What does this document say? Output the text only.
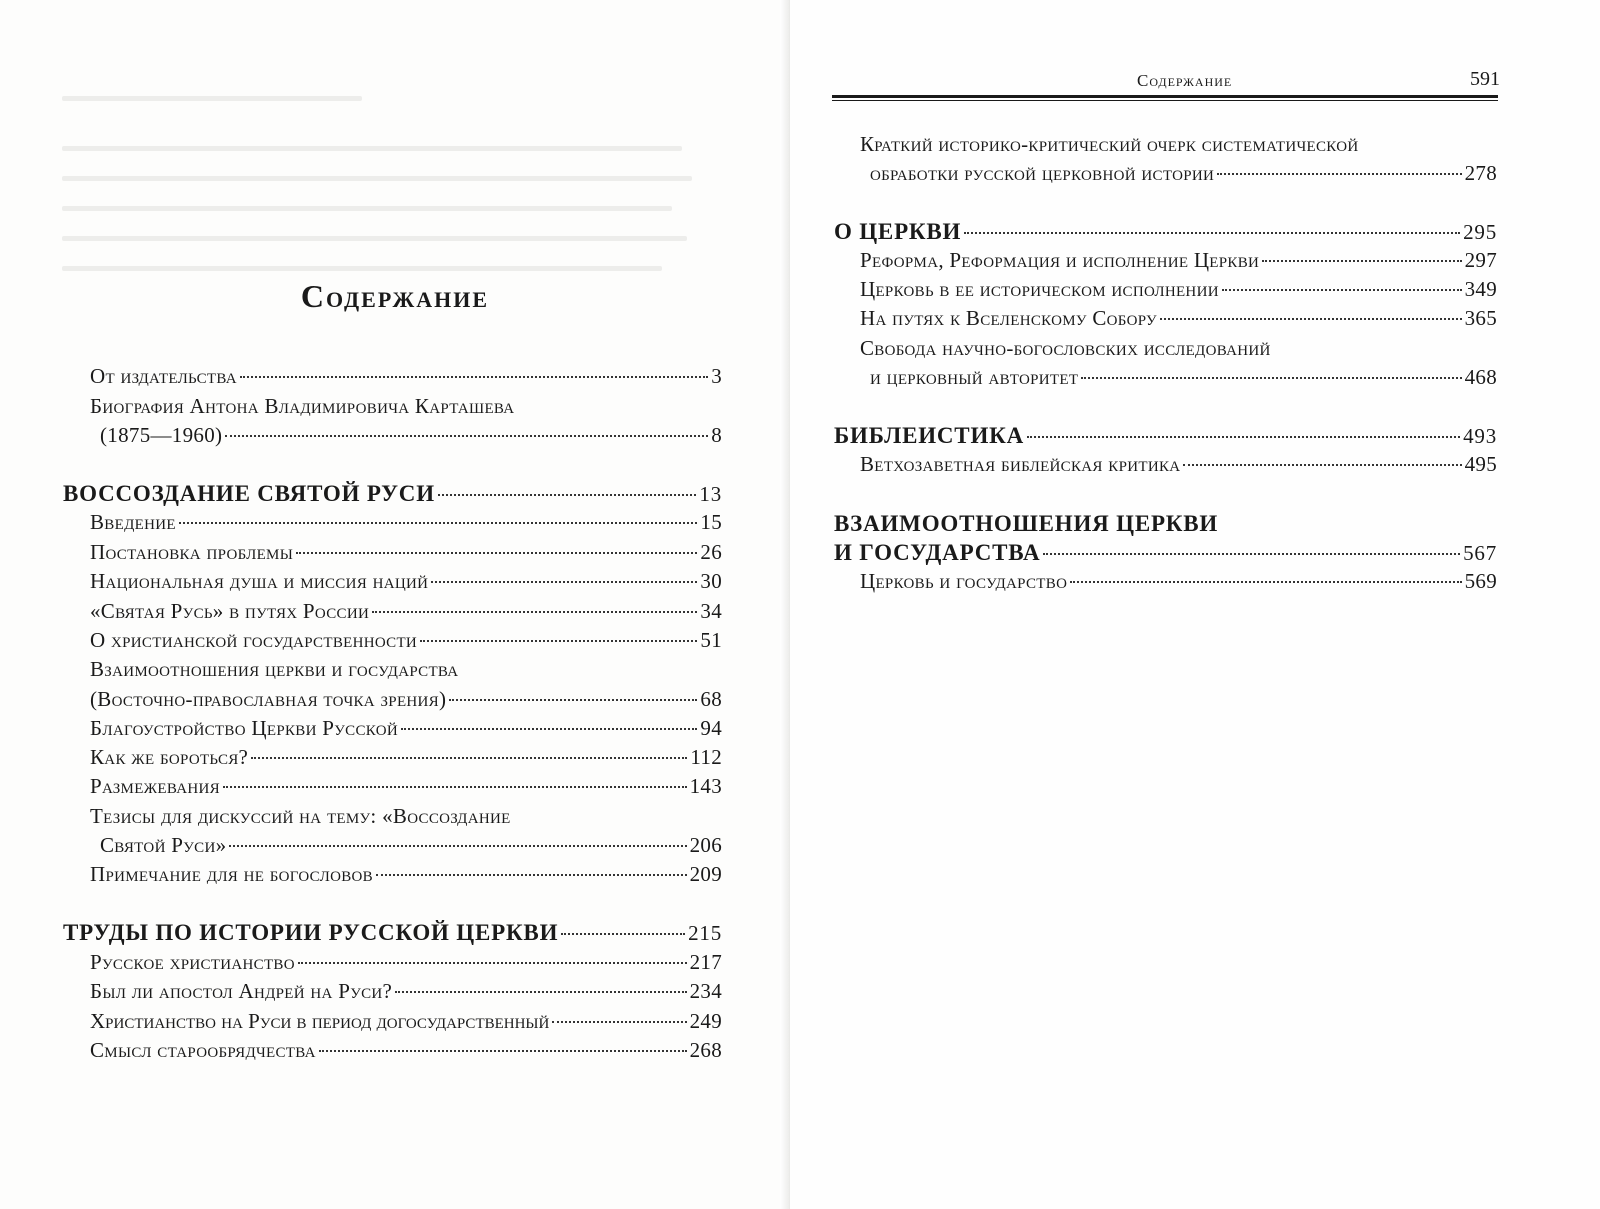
Содержание
От издательства	3
Биография Антона Владимировича Карташева
(1875—1960)	8
ВОССОЗДАНИЕ СВЯТОЙ РУСИ	13
Введение	15
Постановка проблемы	26
Национальная душа и миссия наций	30
«Святая Русь» в путях России	34
О христианской государственности	51
Взаимоотношения церкви и государства
(Восточно-православная точка зрения)	68
Благоустройство Церкви Русской	94
Как же бороться?	112
Размежевания	143
Тезисы для дискуссий на тему: «Воссоздание
Святой Руси»	206
Примечание для не богословов	209
ТРУДЫ ПО ИСТОРИИ РУССКОЙ ЦЕРКВИ	215
Русское христианство	217
Был ли апостол Андрей на Руси?	234
Христианство на Руси в период догосударственный	249
Смысл старообрядчества	268
Содержание	591
Краткий историко-критический очерк систематической
обработки русской церковной истории	278
О ЦЕРКВИ	295
Реформа, Реформация и исполнение Церкви	297
Церковь в ее историческом исполнении	349
На путях к Вселенскому Собору	365
Свобода научно-богословских исследований
и церковный авторитет	468
БИБЛЕИСТИКА	493
Ветхозаветная библейская критика	495
ВЗАИМООТНОШЕНИЯ ЦЕРКВИ
И ГОСУДАРСТВА	567
Церковь и государство	569
